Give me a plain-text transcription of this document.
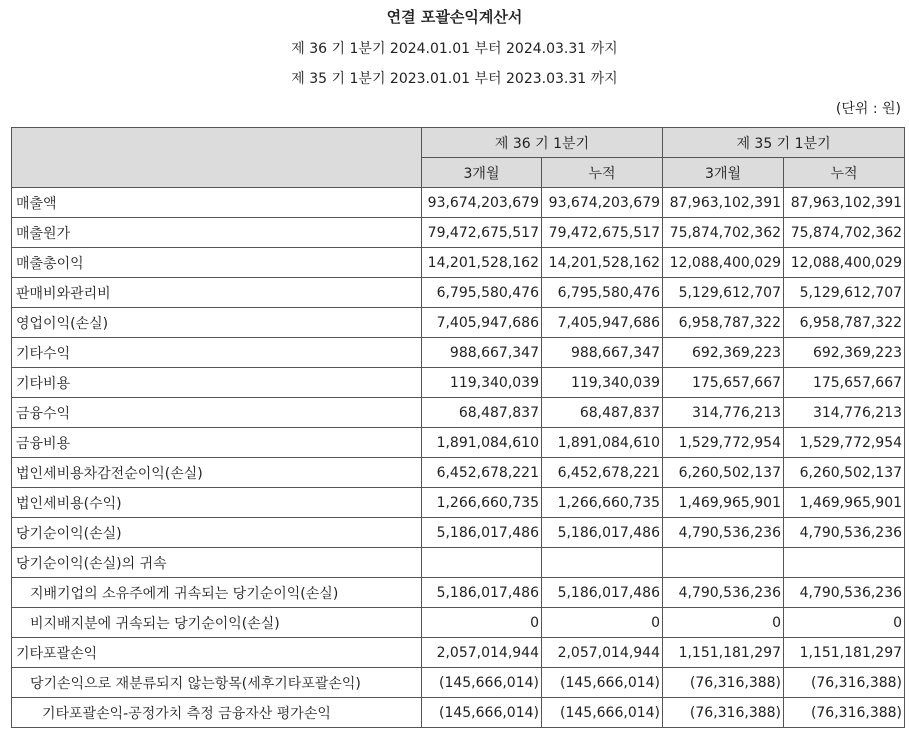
연결 포괄손익계산서
제 36 기 1분기 2024.01.01 부터 2024.03.31 까지
제 35 기 1분기 2023.01.01 부터 2023.03.31 까지
(단위 : 원)
	제 36 기 1분기		제 35 기 1분기	
	3개월	누적	3개월	누적
매출액	93,674,203,679	93,674,203,679	87,963,102,391	87,963,102,391
매출원가	79,472,675,517	79,472,675,517	75,874,702,362	75,874,702,362
매출총이익	14,201,528,162	14,201,528,162	12,088,400,029	12,088,400,029
판매비와관리비	6,795,580,476	6,795,580,476	5,129,612,707	5,129,612,707
영업이익(손실)	7,405,947,686	7,405,947,686	6,958,787,322	6,958,787,322
기타수익	988,667,347	988,667,347	692,369,223	692,369,223
기타비용	119,340,039	119,340,039	175,657,667	175,657,667
금융수익	68,487,837	68,487,837	314,776,213	314,776,213
금융비용	1,891,084,610	1,891,084,610	1,529,772,954	1,529,772,954
법인세비용차감전순이익(손실)	6,452,678,221	6,452,678,221	6,260,502,137	6,260,502,137
법인세비용(수익)	1,266,660,735	1,266,660,735	1,469,965,901	1,469,965,901
당기순이익(손실)	5,186,017,486	5,186,017,486	4,790,536,236	4,790,536,236
당기순이익(손실)의 귀속				
지배기업의 소유주에게 귀속되는 당기순이익(손실)	5,186,017,486	5,186,017,486	4,790,536,236	4,790,536,236
비지배지분에 귀속되는 당기순이익(손실)	0	0	0	0
기타포괄손익	2,057,014,944	2,057,014,944	1,151,181,297	1,151,181,297
당기손익으로 재분류되지 않는항목(세후기타포괄손익)	(145,666,014)	(145,666,014)	(76,316,388)	(76,316,388)
기타포괄손익-공정가치 측정 금융자산 평가손익	(145,666,014)	(145,666,014)	(76,316,388)	(76,316,388)
